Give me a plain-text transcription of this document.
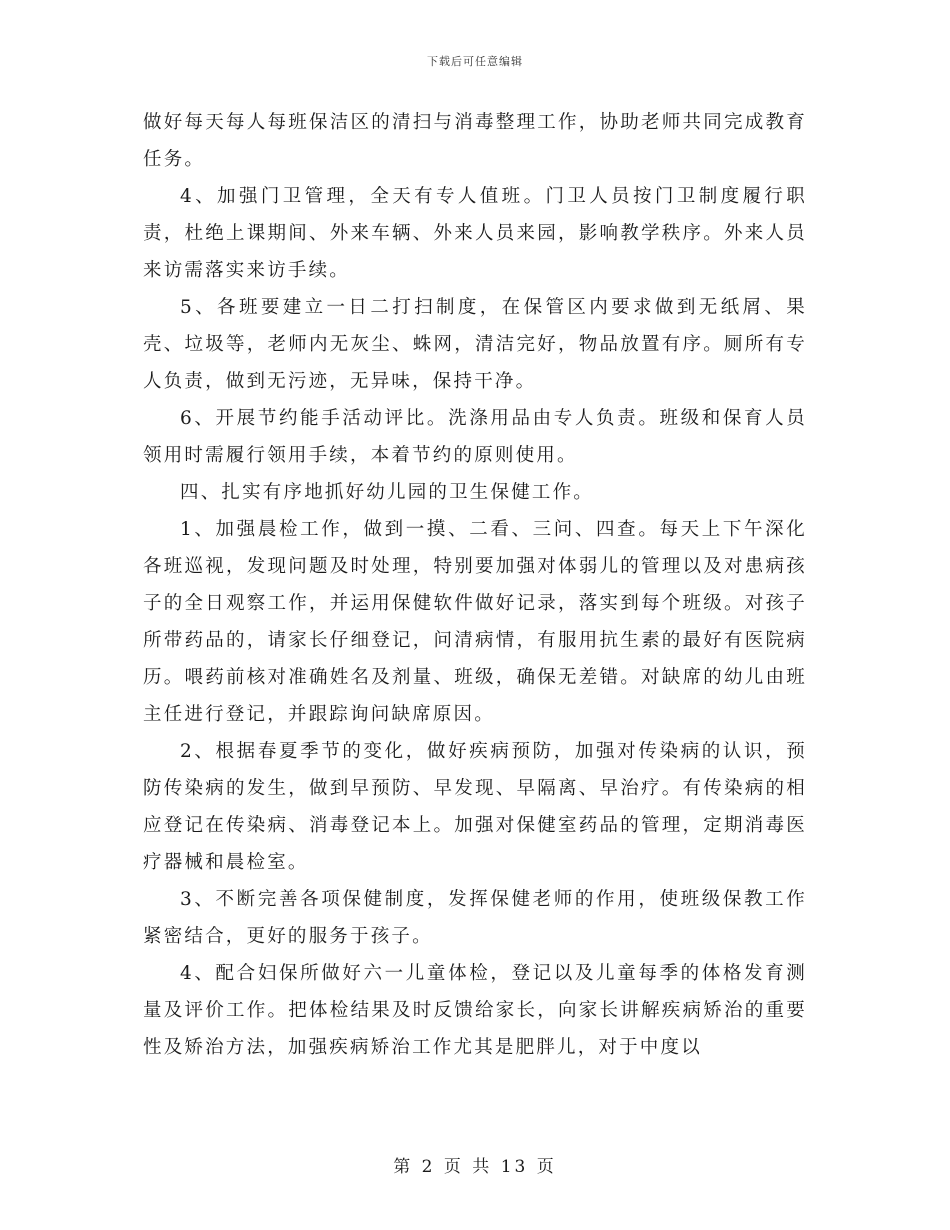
下载后可任意编辑

做好每天每人每班保洁区的清扫与消毒整理工作，协助老师共同完成教育任务。

4、加强门卫管理，全天有专人值班。门卫人员按门卫制度履行职责，杜绝上课期间、外来车辆、外来人员来园，影响教学秩序。外来人员来访需落实来访手续。

5、各班要建立一日二打扫制度，在保管区内要求做到无纸屑、果壳、垃圾等，老师内无灰尘、蛛网，清洁完好，物品放置有序。厕所有专人负责，做到无污迹，无异味，保持干净。

6、开展节约能手活动评比。洗涤用品由专人负责。班级和保育人员领用时需履行领用手续，本着节约的原则使用。

四、扎实有序地抓好幼儿园的卫生保健工作。

1、加强晨检工作，做到一摸、二看、三问、四查。每天上下午深化各班巡视，发现问题及时处理，特别要加强对体弱儿的管理以及对患病孩子的全日观察工作，并运用保健软件做好记录，落实到每个班级。对孩子所带药品的，请家长仔细登记，问清病情，有服用抗生素的最好有医院病历。喂药前核对准确姓名及剂量、班级，确保无差错。对缺席的幼儿由班主任进行登记，并跟踪询问缺席原因。

2、根据春夏季节的变化，做好疾病预防，加强对传染病的认识，预防传染病的发生，做到早预防、早发现、早隔离、早治疗。有传染病的相应登记在传染病、消毒登记本上。加强对保健室药品的管理，定期消毒医疗器械和晨检室。

3、不断完善各项保健制度，发挥保健老师的作用，使班级保教工作紧密结合，更好的服务于孩子。

4、配合妇保所做好六一儿童体检，登记以及儿童每季的体格发育测量及评价工作。把体检结果及时反馈给家长，向家长讲解疾病矫治的重要性及矫治方法，加强疾病矫治工作尤其是肥胖儿，对于中度以

第 2 页 共 13 页
